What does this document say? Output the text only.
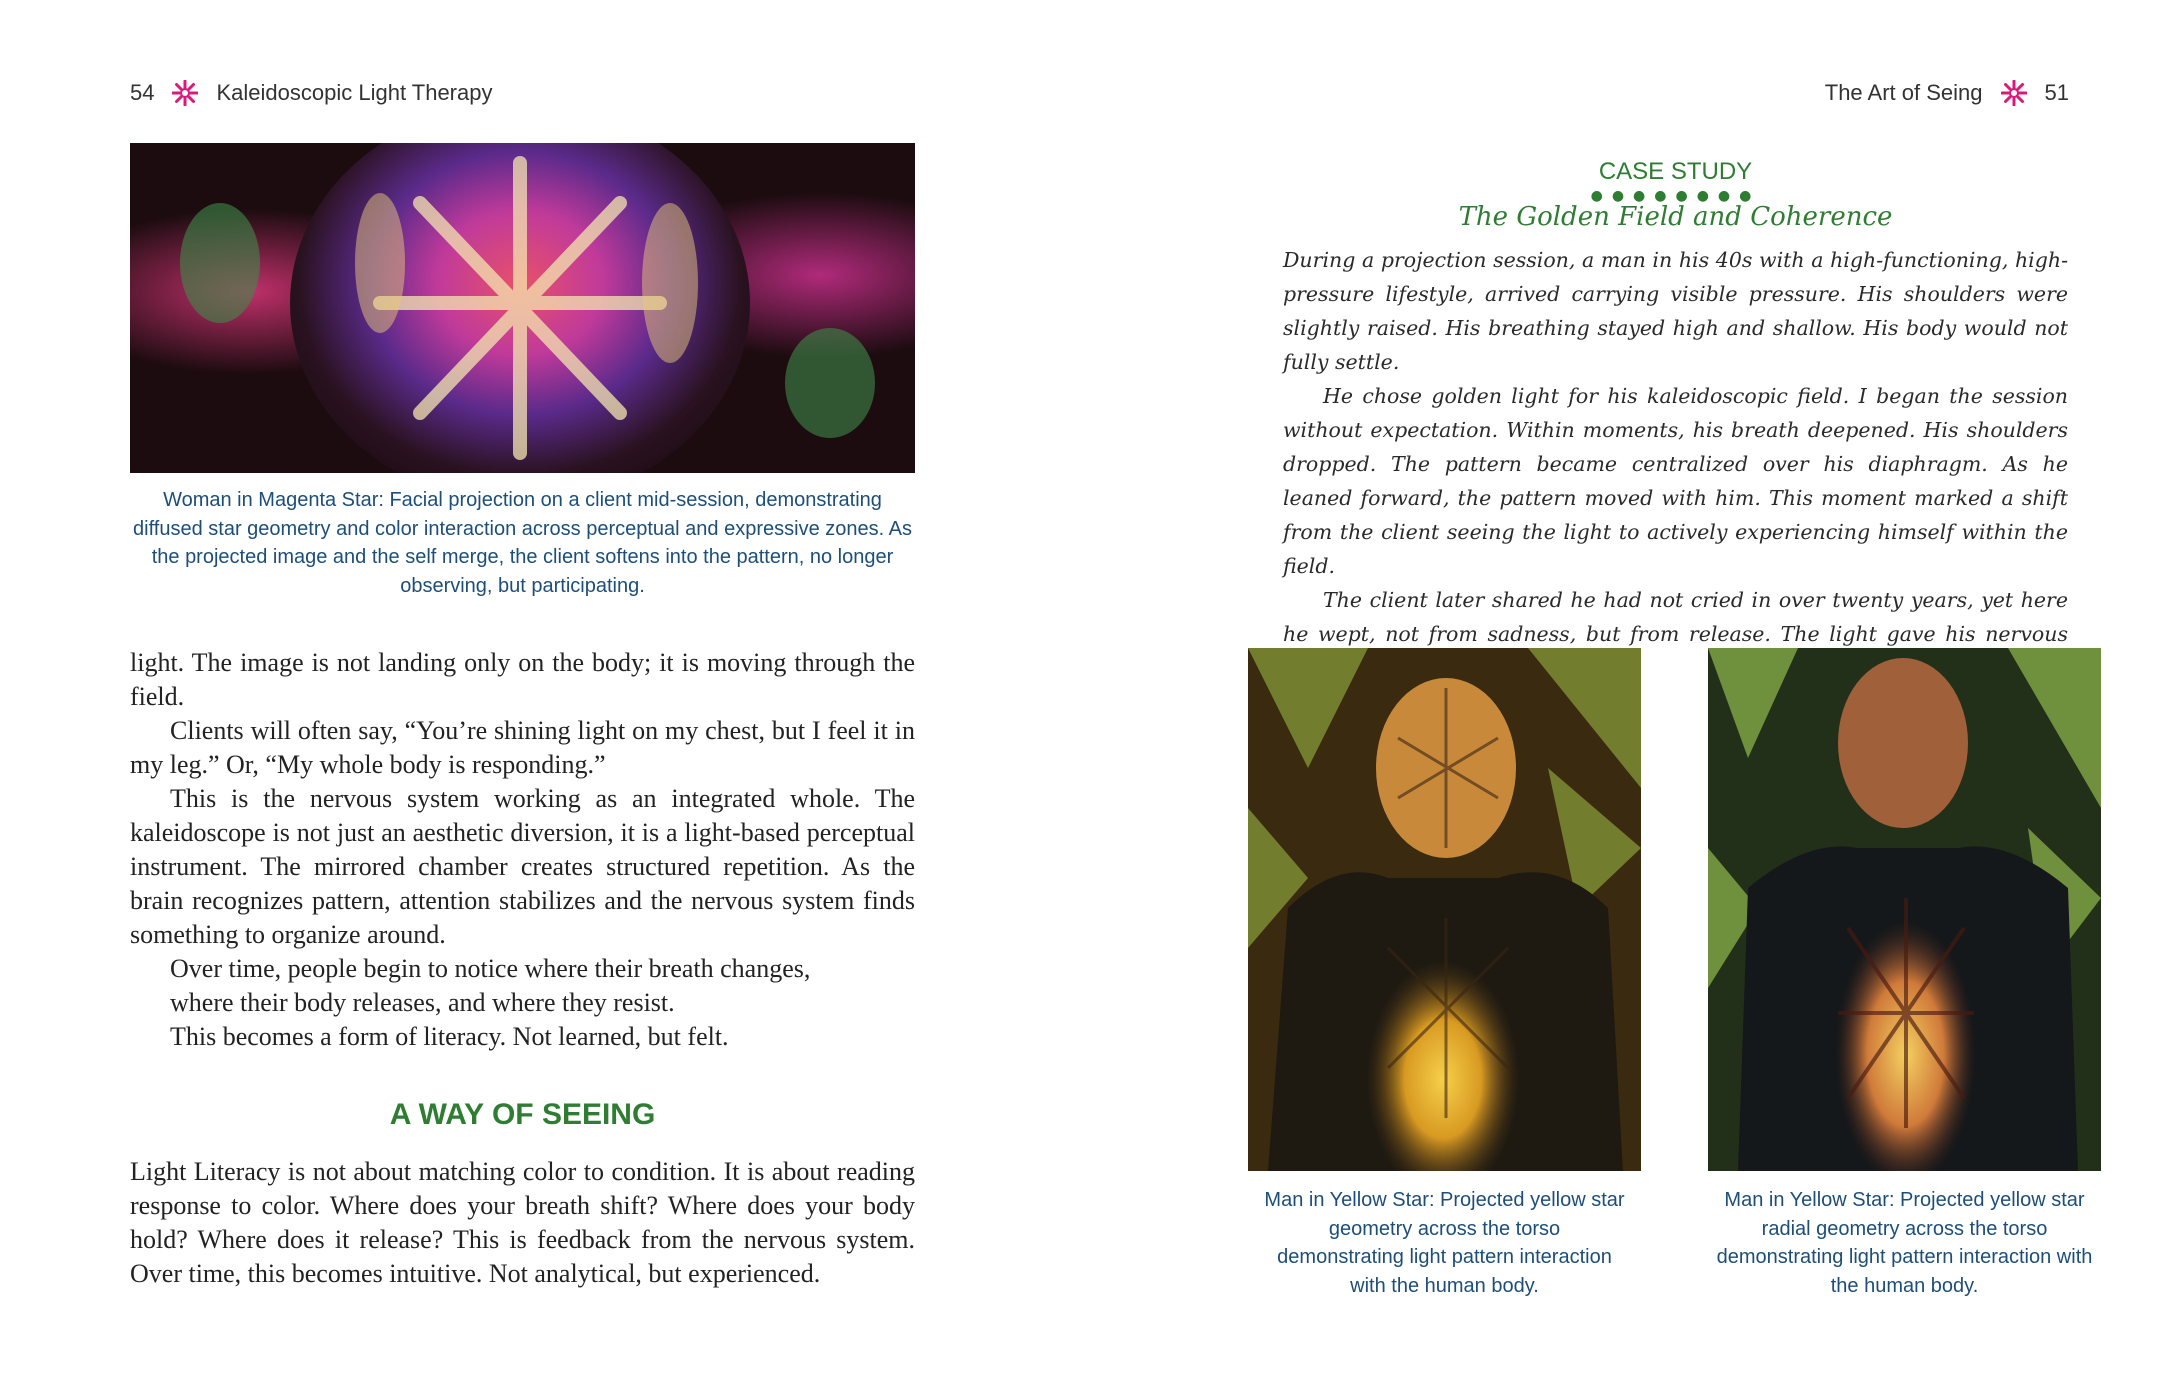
54	Kaleidoscopic Light Therapy
Woman in Magenta Star: Facial projection on a client mid-session, demonstrating diffused star geometry and color interaction across perceptual and expressive zones. As the projected image and the self merge, the client softens into the pattern, no longer observing, but participating.

light. The image is not landing only on the body; it is moving through the field.

Clients will often say, “You’re shining light on my chest, but I feel it in my leg.” Or, “My whole body is responding.”

This is the nervous system working as an integrated whole. The kaleidoscope is not just an aesthetic diversion, it is a light-based perceptual instrument. The mirrored chamber creates structured repetition. As the brain recognizes pattern, attention stabilizes and the nervous system finds something to organize around.

Over time, people begin to notice where their breath changes,

where their body releases, and where they resist.

This becomes a form of literacy. Not learned, but felt.

A WAY OF SEEING
Light Literacy is not about matching color to condition. It is about reading response to color. Where does your breath shift? Where does your body hold? Where does it release? This is feedback from the nervous system. Over time, this becomes intuitive. Not analytical, but experienced.
The Art of Seing	51
CASE STUDY
●●●●●●●●
The Golden Field and Coherence

During a projection session, a man in his 40s with a high-functioning, high-pressure lifestyle, arrived carrying visible pressure. His shoulders were slightly raised. His breathing stayed high and shallow. His body would not fully settle.

He chose golden light for his kaleidoscopic field. I began the session without expectation. Within moments, his breath deepened. His shoulders dropped. The pattern became centralized over his diaphragm. As he leaned forward, the pattern moved with him. This moment marked a shift from the client seeing the light to actively experiencing himself within the field.

The client later shared he had not cried in over twenty years, yet here he wept, not from sadness, but from release. The light gave his nervous

Man in Yellow Star: Projected yellow star geometry across the torso demonstrating light pattern interaction with the human body.
Man in Yellow Star: Projected yellow star radial geometry across the torso demonstrating light pattern interaction with the human body.
